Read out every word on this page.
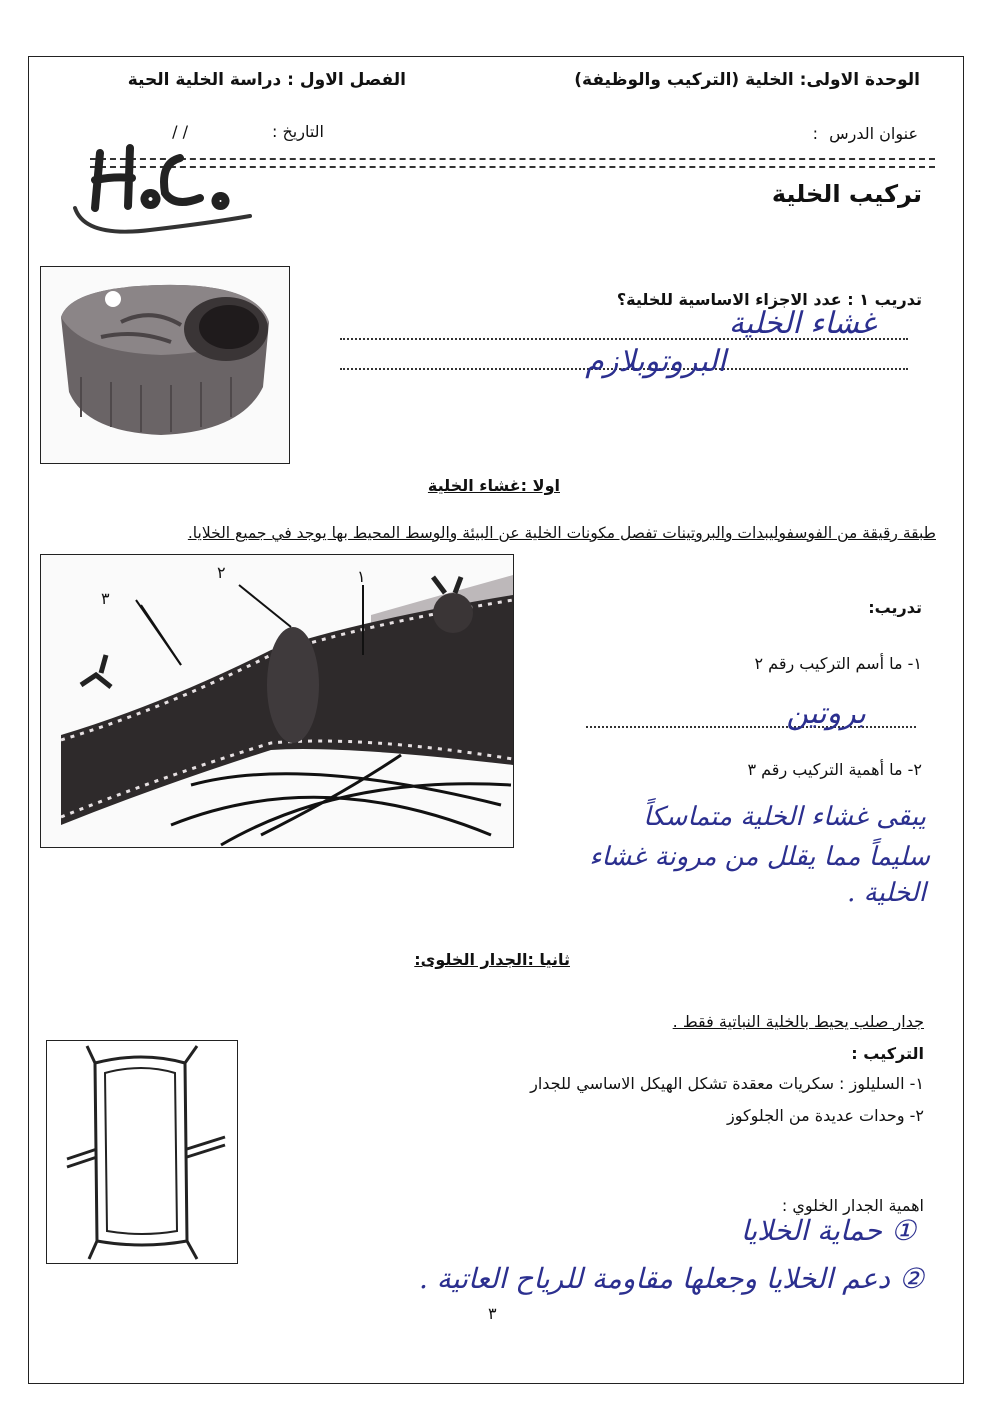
الوحدة الاولى: الخلية (التركيب والوظيفة)
الفصل الاول : دراسة الخلية الحية
عنوان الدرس
:
التاريخ :
/ /
تركيب الخلية
تدريب ١ : عدد الاجزاء الاساسية للخلية؟
غشاء الخلية
البروتوبلازم
اولا :غشاء الخلية
طبقة رقيقة من الفوسفوليبدات والبروتينات تفصل مكونات الخلية عن البيئة والوسط المحيط بها يوجد في جميع الخلايا.
١
٢
٣	تدريب:
١- ما أسم التركيب رقم ٢
بروتين
٢- ما أهمية التركيب رقم ٣
يبقى غشاء الخلية متماسكاً
سليماً مما يقلل من مرونة غشاء
الخلية .
ثانيا :الجدار الخلوى:
جدار صلب يحيط بالخلية النباتية فقط .
التركيب :
١- السليلوز : سكريات معقدة تشكل الهيكل الاساسي للجدار
٢- وحدات عديدة من الجلوكوز
اهمية الجدار الخلوي :
① حماية الخلايا
② دعم الخلايا وجعلها مقاومة للرياح العاتية .
٣
